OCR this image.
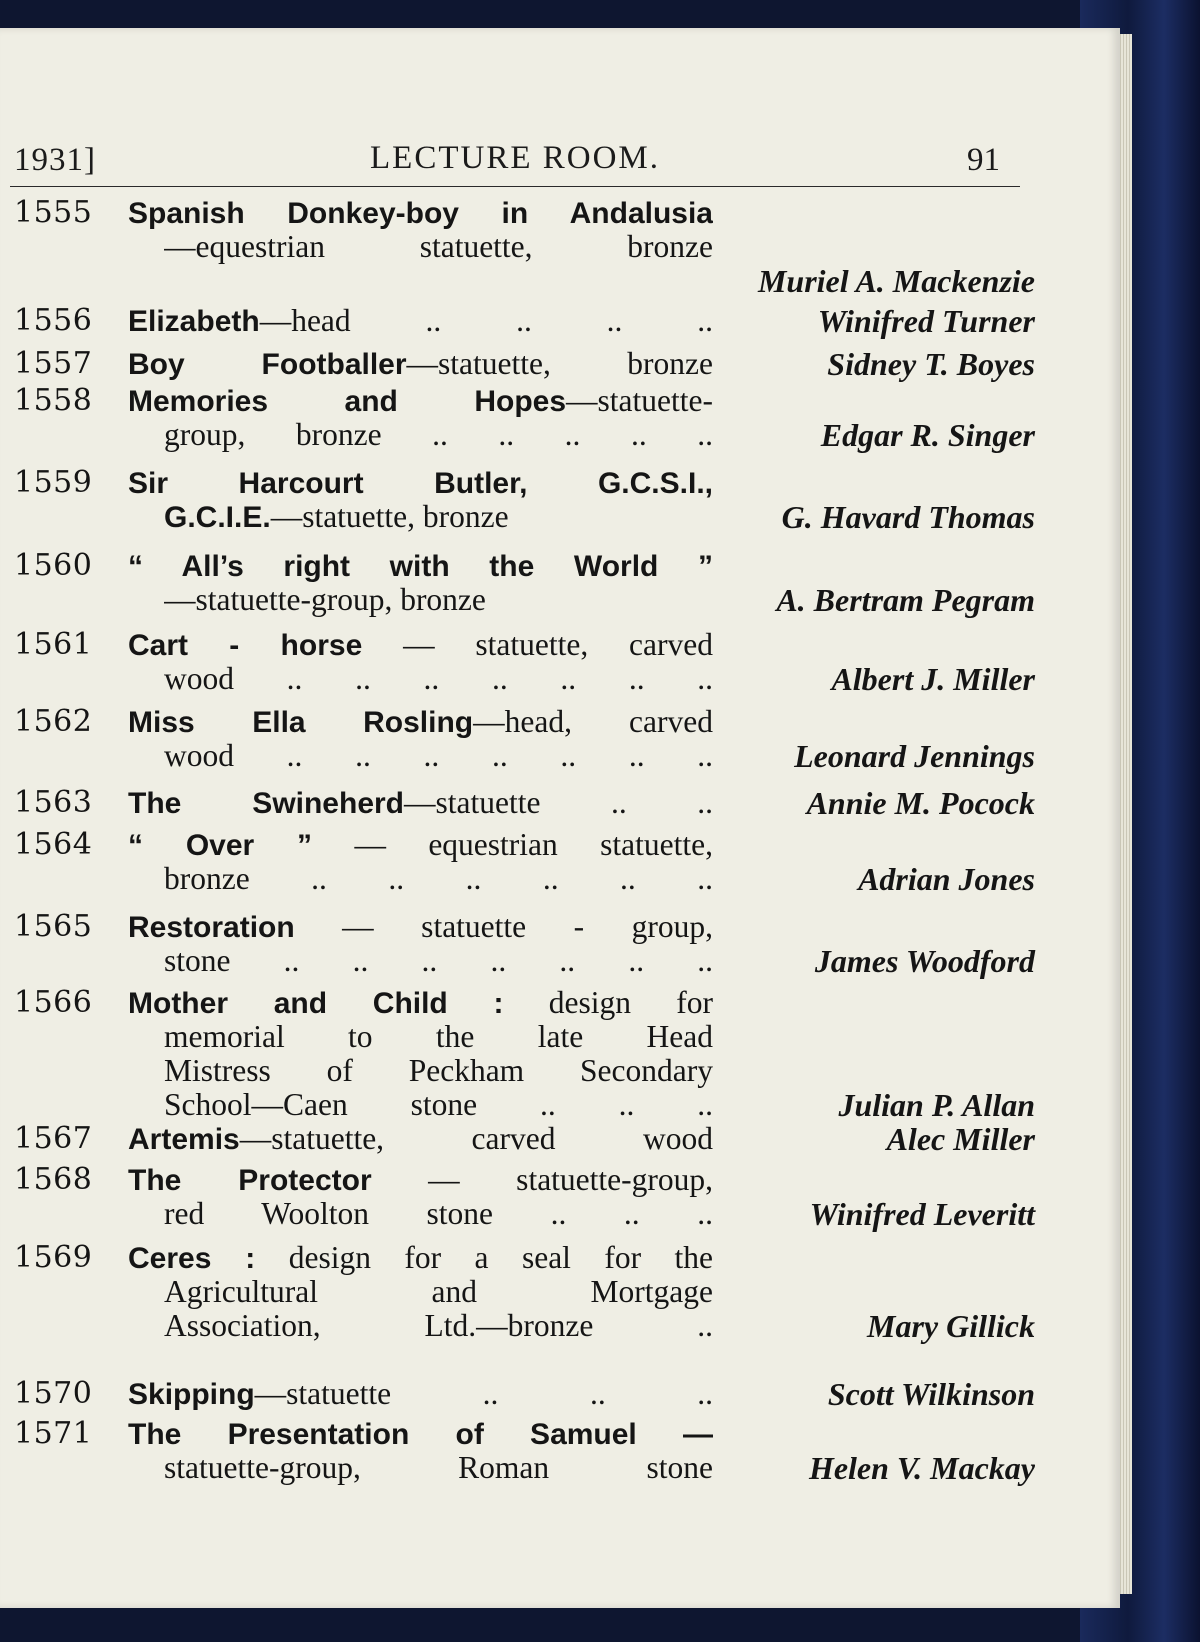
1931]	LECTURE ROOM.	91
1555 Spanish Donkey-boy in Andalusia
—equestrian statuette, bronze
Muriel A. Mackenzie
1556 Elizabeth—head .. .. .. ..	Winifred Turner
1557 Boy Footballer—statuette, bronze	Sidney T. Boyes
1558 Memories and Hopes—statuette-
group, bronze .. .. .. .. ..	Edgar R. Singer
1559 Sir Harcourt Butler, G.C.S.I.,
G.C.I.E.—statuette, bronze	G. Havard Thomas
1560 “ All’s right with the World ”
—statuette-group, bronze	A. Bertram Pegram
1561 Cart - horse — statuette, carved
wood .. .. .. .. .. .. ..	Albert J. Miller
1562 Miss Ella Rosling—head, carved
wood .. .. .. .. .. .. ..	Leonard Jennings
1563 The Swineherd—statuette .. ..	Annie M. Pocock
1564 “ Over ” — equestrian statuette,
bronze .. .. .. .. .. ..	Adrian Jones
1565 Restoration — statuette - group,
stone .. .. .. .. .. .. ..	James Woodford
1566 Mother and Child : design for
memorial to the late Head
Mistress of Peckham Secondary
School—Caen stone .. .. ..	Julian P. Allan
1567 Artemis—statuette, carved wood	Alec Miller
1568 The Protector — statuette-group,
red Woolton stone .. .. ..	Winifred Leveritt
1569 Ceres : design for a seal for the
Agricultural and Mortgage
Association, Ltd.—bronze ..	Mary Gillick
1570 Skipping—statuette .. .. ..	Scott Wilkinson
1571 The Presentation of Samuel —
statuette-group, Roman stone	Helen V. Mackay
